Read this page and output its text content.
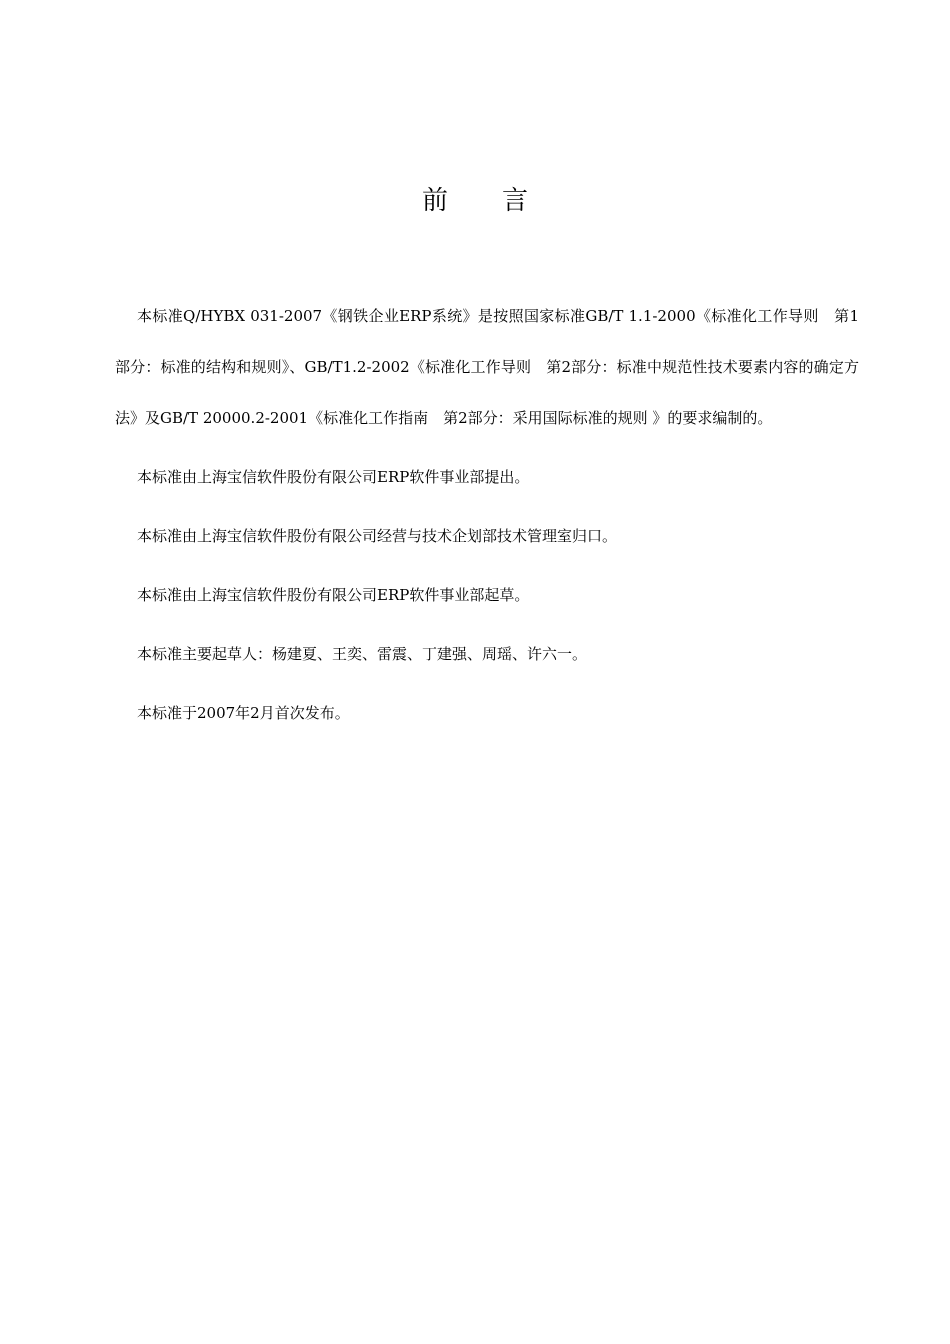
前 言

本标准Q/HYBX 031-2007《钢铁企业ERP系统》是按照国家标准GB/T 1.1-2000《标准化工作导则　第1部分：标准的结构和规则》、GB/T1.2-2002《标准化工作导则　第2部分：标准中规范性技术要素内容的确定方法》及GB/T 20000.2-2001《标准化工作指南　第2部分：采用国际标准的规则 》的要求编制的。

本标准由上海宝信软件股份有限公司ERP软件事业部提出。

本标准由上海宝信软件股份有限公司经营与技术企划部技术管理室归口。

本标准由上海宝信软件股份有限公司ERP软件事业部起草。

本标准主要起草人：杨建夏、王奕、雷震、丁建强、周瑶、许六一。

本标准于2007年2月首次发布。
